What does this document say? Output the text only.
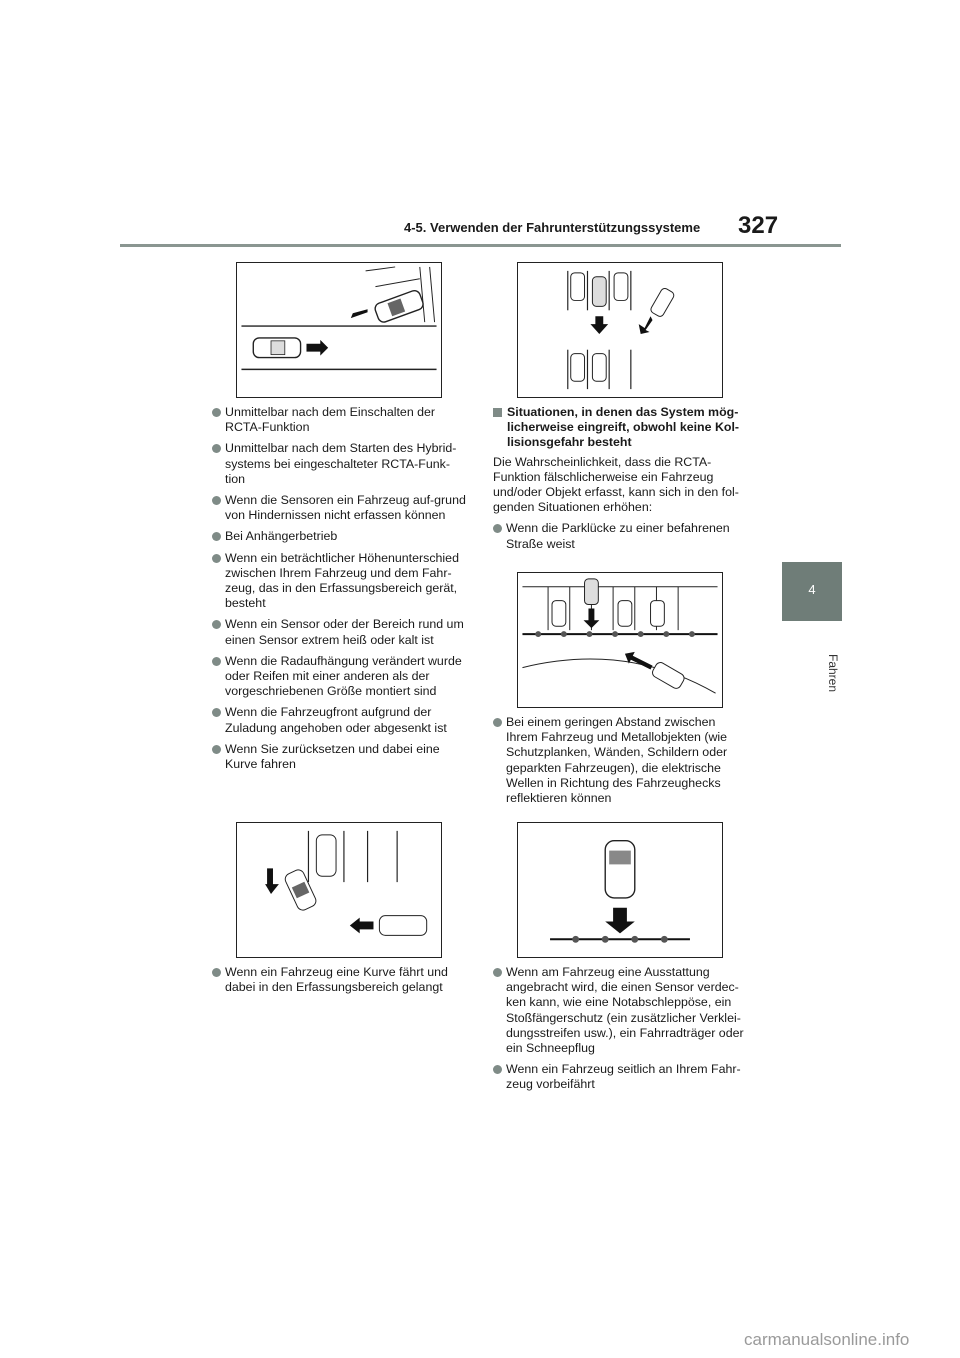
4-5. Verwenden der Fahrunterstützungssysteme 327
4
Fahren
Unmittelbar nach dem Einschalten der RCTA-Funktion
Unmittelbar nach dem Starten des Hybrid-systems bei eingeschalteter RCTA-Funk-tion
Wenn die Sensoren ein Fahrzeug auf-grund von Hindernissen nicht erfassen können
Bei Anhängerbetrieb
Wenn ein beträchtlicher Höhenunterschied zwischen Ihrem Fahrzeug und dem Fahr-zeug, das in den Erfassungsbereich gerät, besteht
Wenn ein Sensor oder der Bereich rund um einen Sensor extrem heiß oder kalt ist
Wenn die Radaufhängung verändert wurde oder Reifen mit einer anderen als der vorgeschriebenen Größe montiert sind
Wenn die Fahrzeugfront aufgrund der Zuladung angehoben oder abgesenkt ist
Wenn Sie zurücksetzen und dabei eine Kurve fahren
Wenn ein Fahrzeug eine Kurve fährt und dabei in den Erfassungsbereich gelangt
Situationen, in denen das System mög-licherweise eingreift, obwohl keine Kol-lisionsgefahr besteht
Die Wahrscheinlichkeit, dass die RCTA-Funktion fälschlicherweise ein Fahrzeug und/oder Objekt erfasst, kann sich in den fol-genden Situationen erhöhen:
Wenn die Parklücke zu einer befahrenen Straße weist
Bei einem geringen Abstand zwischen Ihrem Fahrzeug und Metallobjekten (wie Schutzplanken, Wänden, Schildern oder geparkten Fahrzeugen), die elektrische Wellen in Richtung des Fahrzeughecks reflektieren können
Wenn am Fahrzeug eine Ausstattung angebracht wird, die einen Sensor verdec-ken kann, wie eine Notabschleppöse, ein Stoßfängerschutz (ein zusätzlicher Verklei-dungsstreifen usw.), ein Fahrradträger oder ein Schneepflug
Wenn ein Fahrzeug seitlich an Ihrem Fahr-zeug vorbeifährt
carmanualsonline.info
